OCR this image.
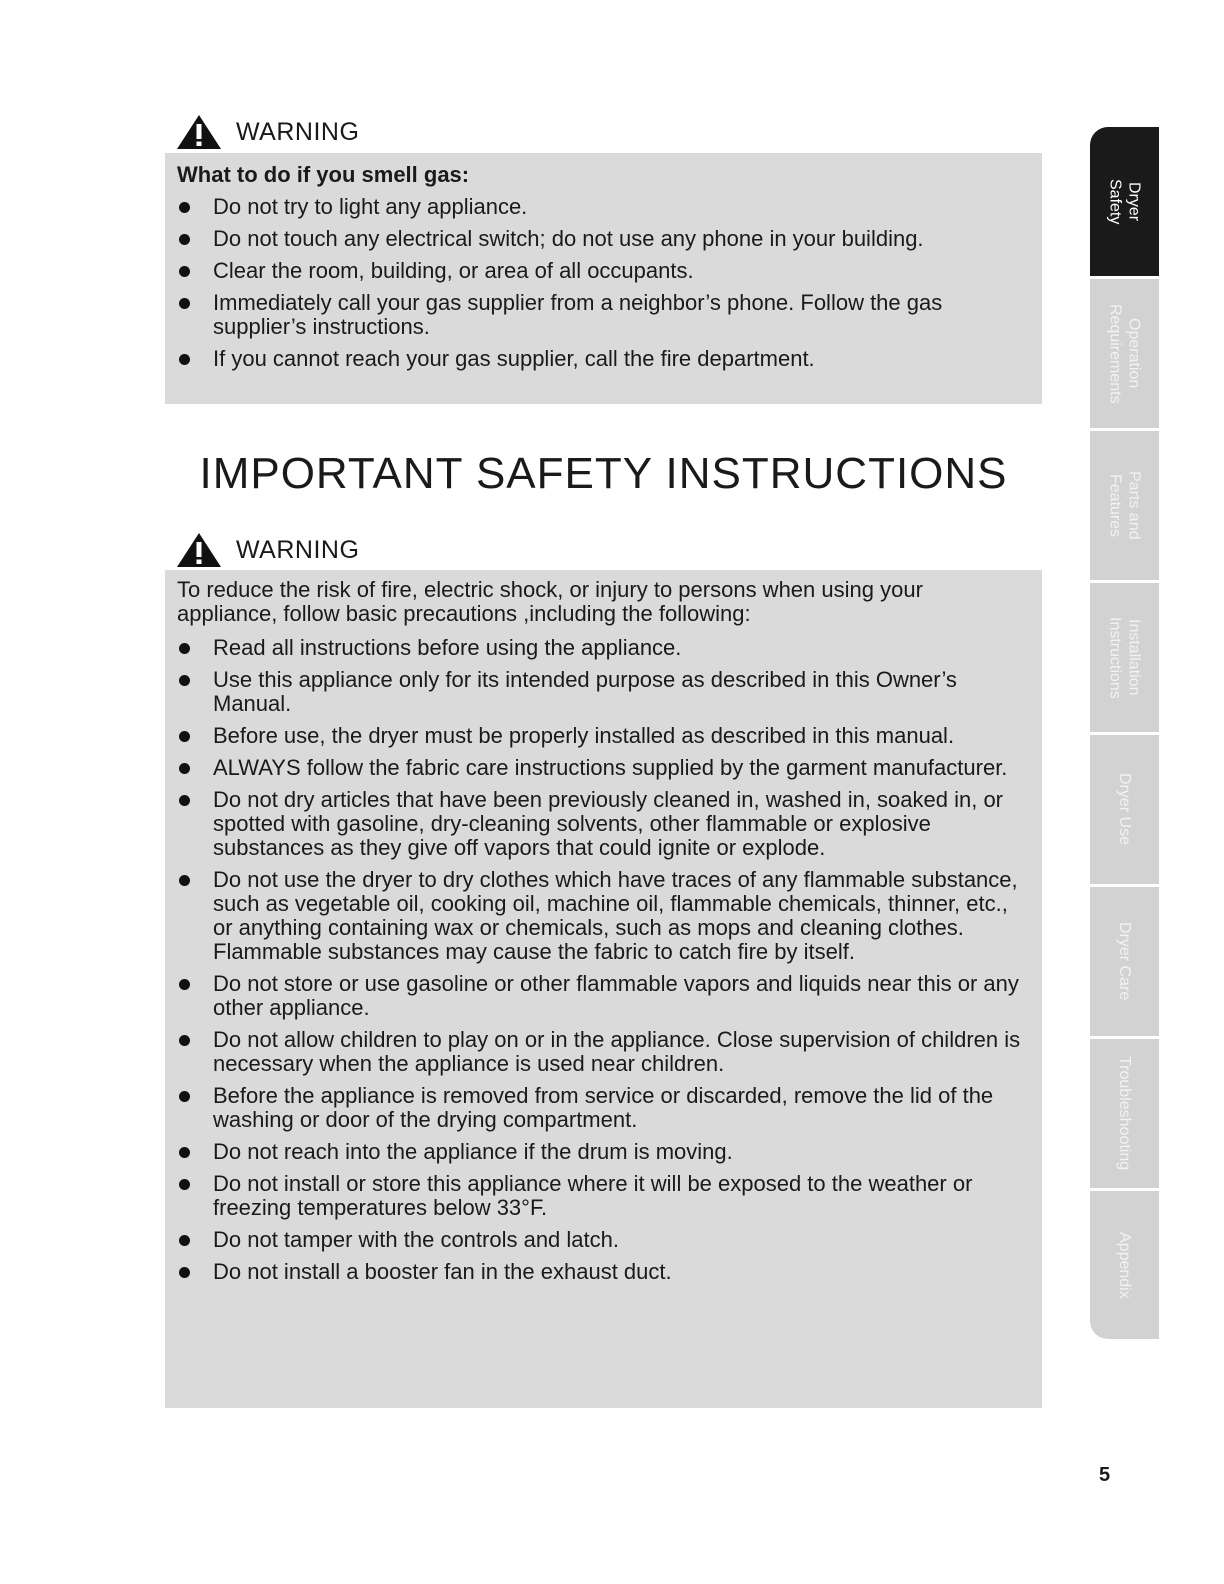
WARNING
What to do if you smell gas:
Do not try to light any appliance.
Do not touch any electrical switch; do not use any phone in your building.
Clear the room, building, or area of all occupants.
Immediately call your gas supplier from a neighbor’s phone. Follow the gas supplier’s instructions.
If you cannot reach your gas supplier, call the fire department.
IMPORTANT SAFETY INSTRUCTIONS
WARNING
To reduce the risk of fire, electric shock, or injury to persons when using your appliance, follow basic precautions ,including the following:
Read all instructions before using the appliance.
Use this appliance only for its intended purpose as described in this Owner’s Manual.
Before use, the dryer must be properly installed as described in this manual.
ALWAYS follow the fabric care instructions supplied by the garment manufacturer.
Do not dry articles that have been previously cleaned in, washed in, soaked in, or spotted with gasoline, dry-cleaning solvents, other flammable or explosive substances as they give off vapors that could ignite or explode.
Do not use the dryer to dry clothes which have traces of any flammable substance, such as vegetable oil, cooking oil, machine oil, flammable chemicals, thinner, etc., or anything containing wax or chemicals, such as mops and cleaning clothes. Flammable substances may cause the fabric to catch fire by itself.
Do not store or use gasoline or other flammable vapors and liquids near this or any other appliance.
Do not allow children to play on or in the appliance. Close supervision of children is necessary when the appliance is used near children.
Before the appliance is removed from service or discarded, remove the lid of the washing or door of the drying compartment.
Do not reach into the appliance if the drum is moving.
Do not install or store this appliance where it will be exposed to the weather or freezing temperatures below 33°F.
Do not tamper with the controls and latch.
Do not install a booster fan in the exhaust duct.
Dryer
Safety
Operation
Requirements
Parts and
Features
Installation
Instructions
Dryer Use
Dryer Care
Troubleshooting
Appendix
5
